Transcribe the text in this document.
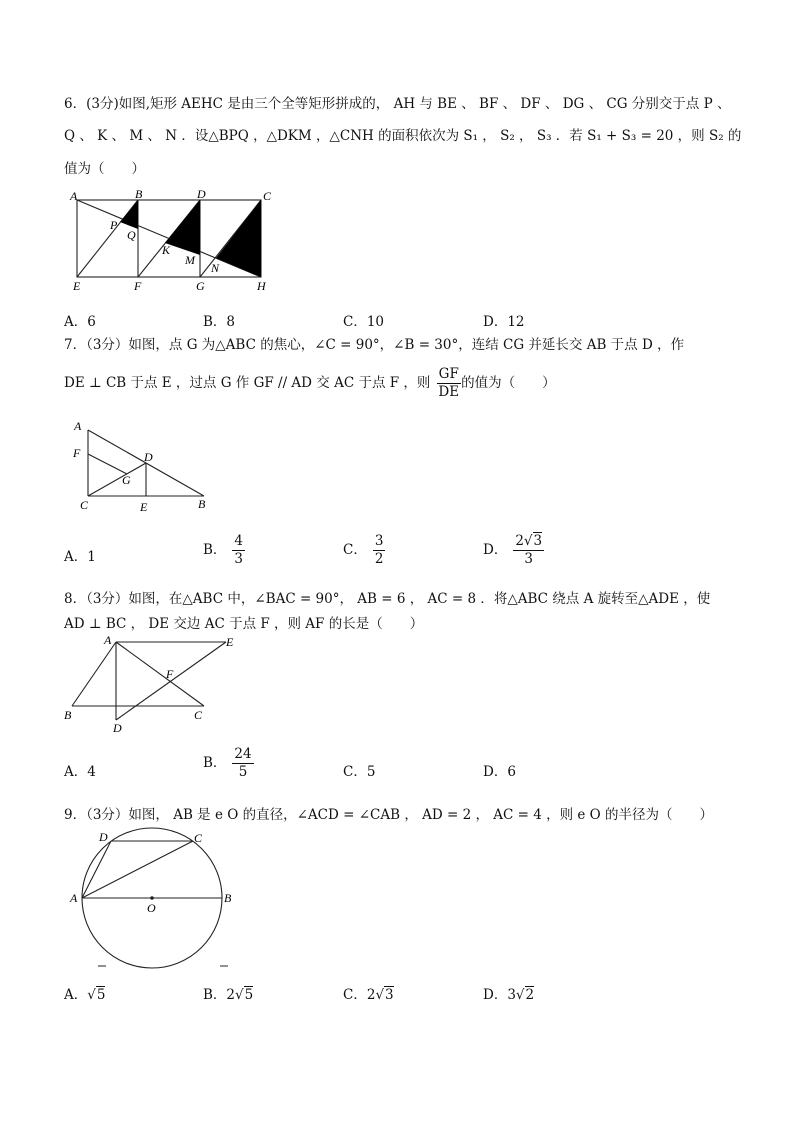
6．(3分)如图,矩形 AEHC 是由三个全等矩形拼成的， AH 与 BE 、 BF 、 DF 、 DG 、 CG 分别交于点 P 、
Q 、 K 、 M 、 N ．设△BPQ ，△DKM ，△CNH 的面积依次为 S₁ ， S₂ ， S₃ ．若 S₁ + S₃ = 20 ，则 S₂ 的
值为（　　）
A	B	D	C
P
Q
K
M
N
E	F	G	H
A．6	B．8	C．10	D．12
7．（3分）如图，点 G 为△ABC 的焦心，∠C = 90°，∠B = 30°，连结 CG 并延长交 AB 于点 D ，作
DE ⊥ CB 于点 E ，过点 G 作 GF // AD 交 AC 于点 F ，则 $\frac{GF}{DE}$ 的值为（　　）
A
F	D
G
C	E	B
A．1	B． $\frac{4}{3}$	C． $\frac{3}{2}$	D． $\frac{2√3}{3}$
8．（3分）如图，在△ABC 中，∠BAC = 90°， AB = 6 ， AC = 8 ．将△ABC 绕点 A 旋转至△ADE ，使
AD ⊥ BC ， DE 交边 AC 于点 F ，则 AF 的长是（　　）
A	E
F
B	C
D
A．4
B． $\frac{24}{5}$	C．5	D．6
9．（3分）如图， AB 是 e O 的直径，∠ACD = ∠CAB ， AD = 2 ， AC = 4 ，则 e O 的半径为（　　）
D	C
A
O
B
A．√5	B．2√5	C．2√3	D．3√2
